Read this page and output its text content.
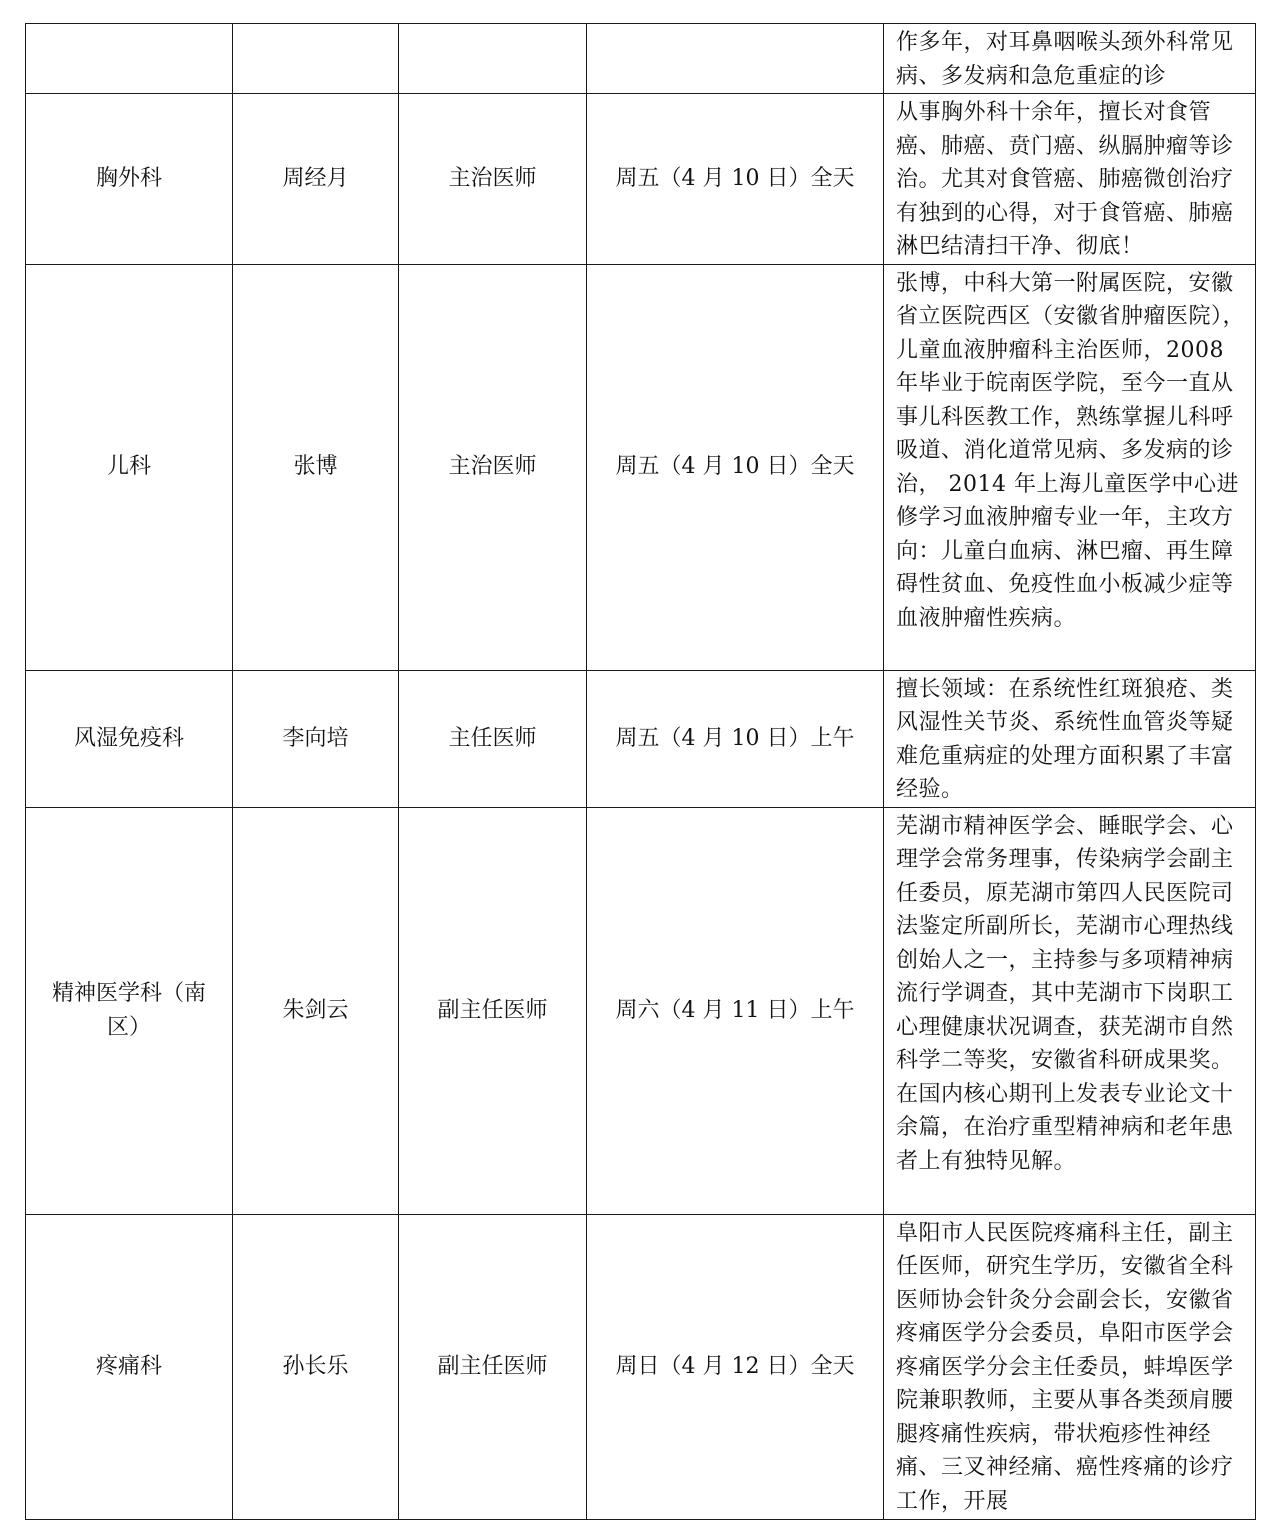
				作多年，对耳鼻咽喉头颈外科常见病、多发病和急危重症的诊
胸外科	周经月	主治医师	周五（4 月 10 日）全天	从事胸外科十余年，擅长对食管癌、肺癌、贲门癌、纵膈肿瘤等诊治。尤其对食管癌、肺癌微创治疗有独到的心得，对于食管癌、肺癌淋巴结清扫干净、彻底！
儿科	张博	主治医师	周五（4 月 10 日）全天	张博，中科大第一附属医院，安徽省立医院西区（安徽省肿瘤医院），儿童血液肿瘤科主治医师，2008 年毕业于皖南医学院，至今一直从事儿科医教工作，熟练掌握儿科呼吸道、消化道常见病、多发病的诊治， 2014 年上海儿童医学中心进修学习血液肿瘤专业一年，主攻方向：儿童白血病、淋巴瘤、再生障碍性贫血、免疫性血小板减少症等血液肿瘤性疾病。
风湿免疫科	李向培	主任医师	周五（4 月 10 日）上午	擅长领域：在系统性红斑狼疮、类风湿性关节炎、系统性血管炎等疑难危重病症的处理方面积累了丰富经验。
精神医学科（南区）	朱剑云	副主任医师	周六（4 月 11 日）上午	芜湖市精神医学会、睡眠学会、心理学会常务理事，传染病学会副主任委员，原芜湖市第四人民医院司法鉴定所副所长，芜湖市心理热线创始人之一，主持参与多项精神病流行学调查，其中芜湖市下岗职工心理健康状况调查，获芜湖市自然科学二等奖，安徽省科研成果奖。在国内核心期刊上发表专业论文十余篇，在治疗重型精神病和老年患者上有独特见解。
疼痛科	孙长乐	副主任医师	周日（4 月 12 日）全天	阜阳市人民医院疼痛科主任，副主任医师，研究生学历，安徽省全科医师协会针灸分会副会长，安徽省疼痛医学分会委员，阜阳市医学会疼痛医学分会主任委员，蚌埠医学院兼职教师，主要从事各类颈肩腰腿疼痛性疾病，带状疱疹性神经痛、三叉神经痛、癌性疼痛的诊疗工作，开展
